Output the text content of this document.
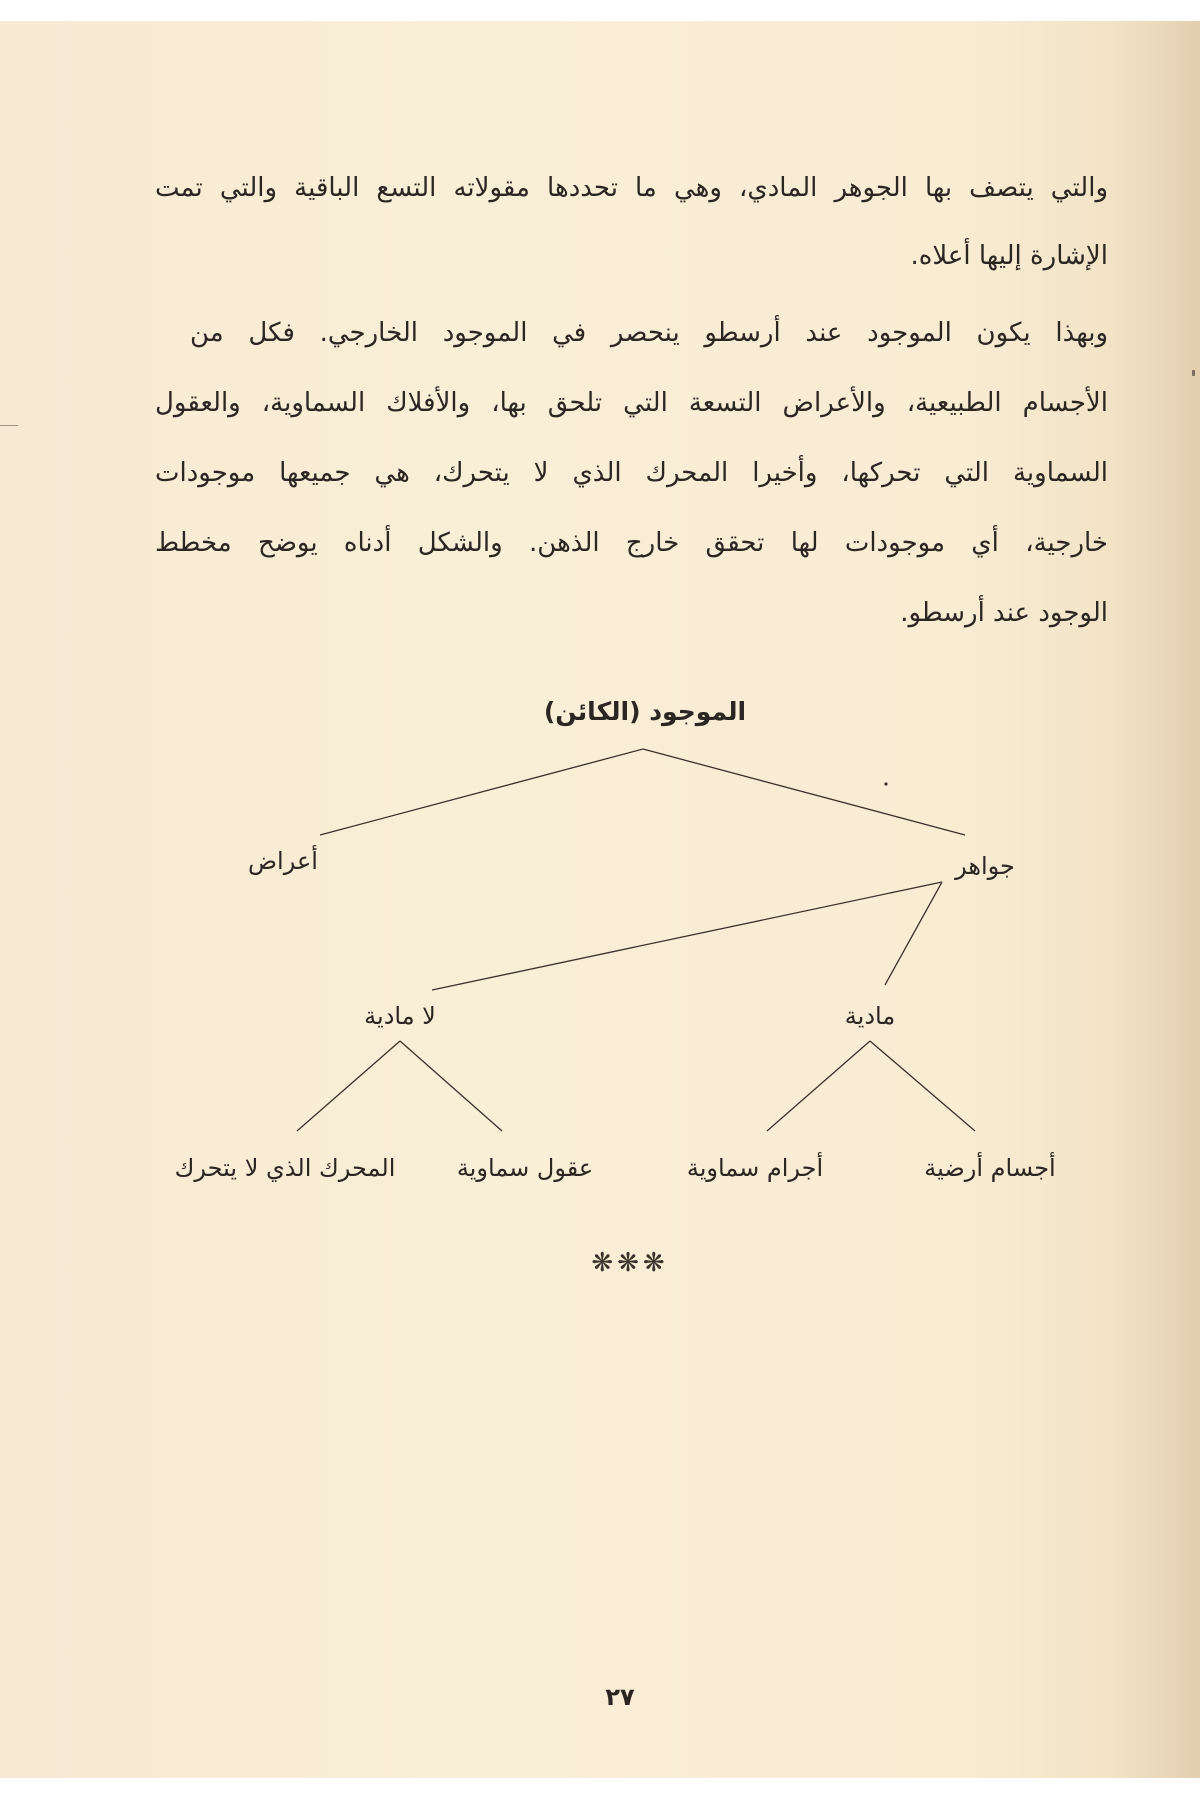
والتي يتصف بها الجوهر المادي، وهي ما تحددها مقولاته التسع الباقية والتي تمت
الإشارة إليها أعلاه.
وبهذا يكون الموجود عند أرسطو ينحصر في الموجود الخارجي. فكل من
الأجسام الطبيعية، والأعراض التسعة التي تلحق بها، والأفلاك السماوية، والعقول
السماوية التي تحركها، وأخيرا المحرك الذي لا يتحرك، هي جميعها موجودات
خارجية، أي موجودات لها تحقق خارج الذهن. والشكل أدناه يوضح مخطط
الوجود عند أرسطو.
الموجود (الكائن)
أعراض	جواهر
لا مادية	مادية
المحرك الذي لا يتحرك	عقول سماوية	أجرام سماوية	أجسام أرضية
❋❋❋
٢٧
